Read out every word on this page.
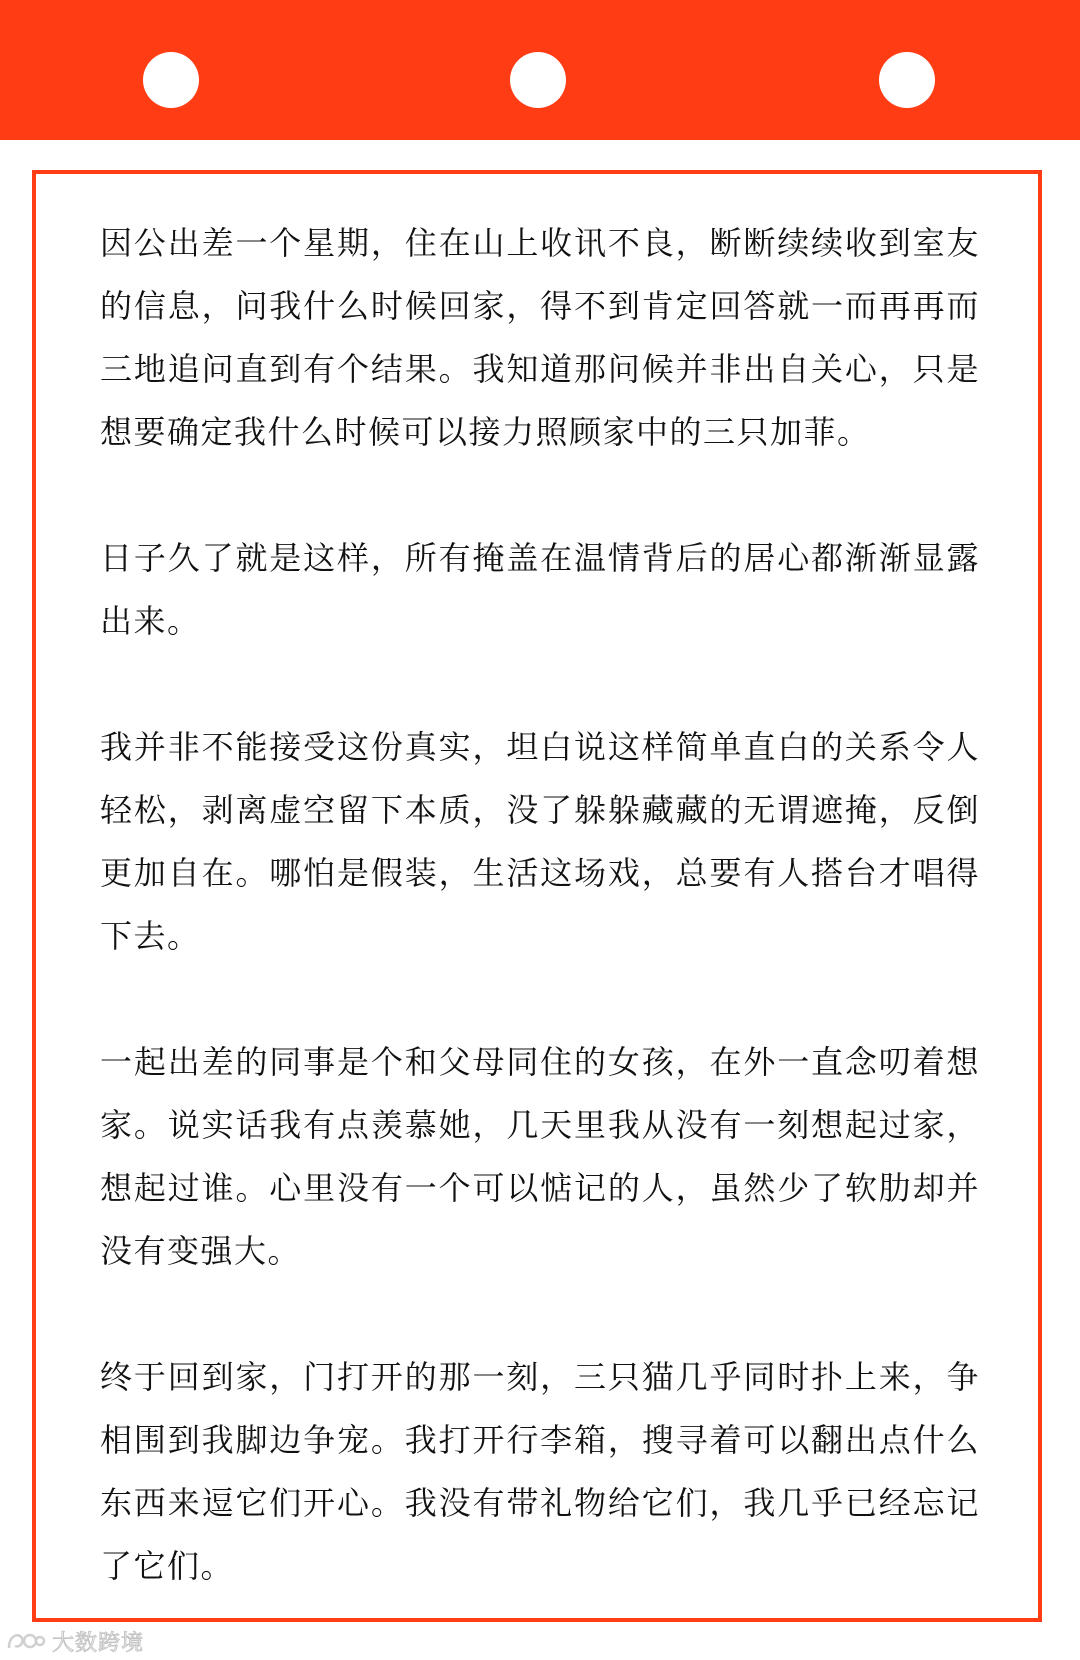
因公出差一个星期，住在山上收讯不良，断断续续收到室友的信息，问我什么时候回家，得不到肯定回答就一而再再而三地追问直到有个结果。我知道那问候并非出自关心，只是想要确定我什么时候可以接力照顾家中的三只加菲。

日子久了就是这样，所有掩盖在温情背后的居心都渐渐显露出来。

我并非不能接受这份真实，坦白说这样简单直白的关系令人轻松，剥离虚空留下本质，没了躲躲藏藏的无谓遮掩，反倒更加自在。哪怕是假装，生活这场戏，总要有人搭台才唱得下去。

一起出差的同事是个和父母同住的女孩，在外一直念叨着想家。说实话我有点羡慕她，几天里我从没有一刻想起过家，想起过谁。心里没有一个可以惦记的人，虽然少了软肋却并没有变强大。

终于回到家，门打开的那一刻，三只猫几乎同时扑上来，争相围到我脚边争宠。我打开行李箱，搜寻着可以翻出点什么东西来逗它们开心。我没有带礼物给它们，我几乎已经忘记了它们。

大数跨境
